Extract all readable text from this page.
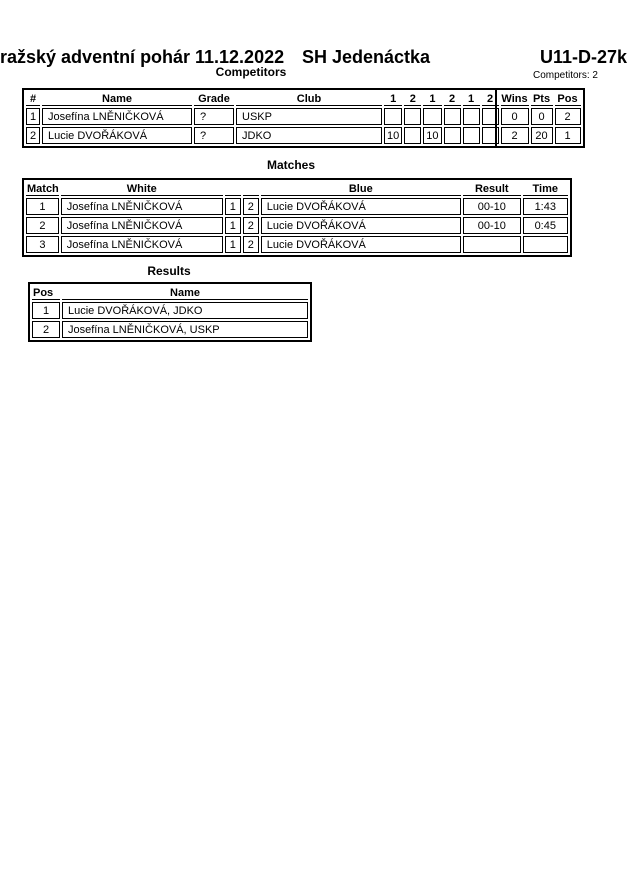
ražský adventní pohár 11.12.2022 SH Jedenáctka	U11-D-27k
Competitors	Competitors: 2
#	Name	Grade	Club	1	2	1	2	1	2	Wins	Pts	Pos
1	Josefína LNĚNIČKOVÁ	?	USKP							0	0	2
2	Lucie DVOŘÁKOVÁ	?	JDKO	10		10				2	20	1
Matches
Match	White			Blue	Result	Time
1	Josefína LNĚNIČKOVÁ	1	2	Lucie DVOŘÁKOVÁ	00-10	1:43
2	Josefína LNĚNIČKOVÁ	1	2	Lucie DVOŘÁKOVÁ	00-10	0:45
3	Josefína LNĚNIČKOVÁ	1	2	Lucie DVOŘÁKOVÁ		
Results
Pos	Name
1	Lucie DVOŘÁKOVÁ, JDKO
2	Josefína LNĚNIČKOVÁ, USKP
